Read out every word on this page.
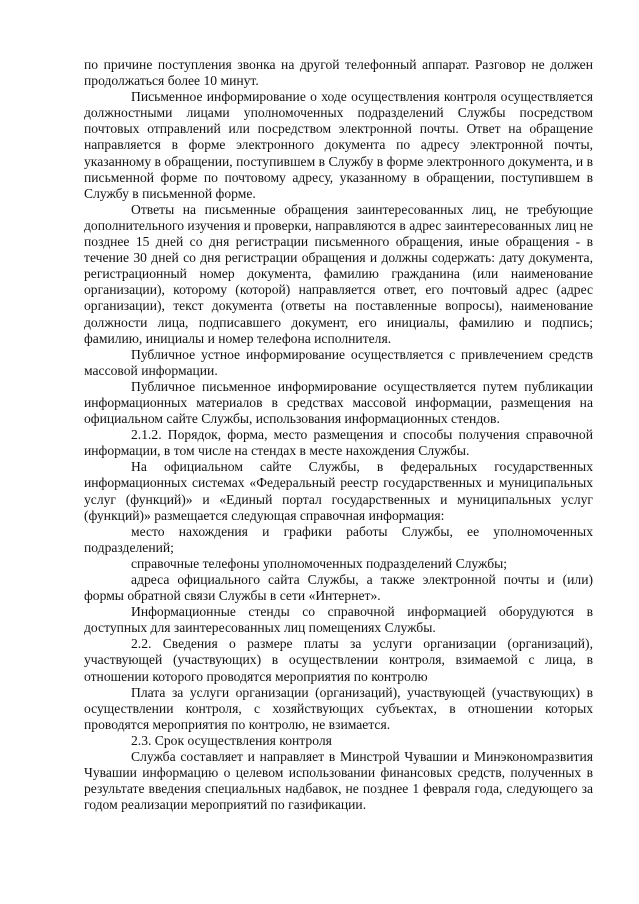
по причине поступления звонка на другой телефонный аппарат. Разговор не должен продолжаться более 10 минут.

Письменное информирование о ходе осуществления контроля осуществляется должностными лицами уполномоченных подразделений Службы посредством почтовых отправлений или посредством электронной почты. Ответ на обращение направляется в форме электронного документа по адресу электронной почты, указанному в обращении, поступившем в Службу в форме электронного документа, и в письменной форме по почтовому адресу, указанному в обращении, поступившем в Службу в письменной форме.

Ответы на письменные обращения заинтересованных лиц, не требующие дополнительного изучения и проверки, направляются в адрес заинтересованных лиц не позднее 15 дней со дня регистрации письменного обращения, иные обращения - в течение 30 дней со дня регистрации обращения и должны содержать: дату документа, регистрационный номер документа, фамилию гражданина (или наименование организации), которому (которой) направляется ответ, его почтовый адрес (адрес организации), текст документа (ответы на поставленные вопросы), наименование должности лица, подписавшего документ, его инициалы, фамилию и подпись; фамилию, инициалы и номер телефона исполнителя.

Публичное устное информирование осуществляется с привлечением средств массовой информации.

Публичное письменное информирование осуществляется путем публикации информационных материалов в средствах массовой информации, размещения на официальном сайте Службы, использования информационных стендов.

2.1.2. Порядок, форма, место размещения и способы получения справочной информации, в том числе на стендах в месте нахождения Службы.

На официальном сайте Службы, в федеральных государственных информационных системах «Федеральный реестр государственных и муниципальных услуг (функций)» и «Единый портал государственных и муниципальных услуг (функций)» размещается следующая справочная информация:

место нахождения и графики работы Службы, ее уполномоченных подразделений;

справочные телефоны уполномоченных подразделений Службы;

адреса официального сайта Службы, а также электронной почты и (или) формы обратной связи Службы в сети «Интернет».

Информационные стенды со справочной информацией оборудуются в доступных для заинтересованных лиц помещениях Службы.

2.2. Сведения о размере платы за услуги организации (организаций), участвующей (участвующих) в осуществлении контроля, взимаемой с лица, в отношении которого проводятся мероприятия по контролю

Плата за услуги организации (организаций), участвующей (участвующих) в осуществлении контроля, с хозяйствующих субъектах, в отношении которых проводятся мероприятия по контролю, не взимается.

2.3. Срок осуществления контроля

Служба составляет и направляет в Минстрой Чувашии и Минэкономразвития Чувашии информацию о целевом использовании финансовых средств, полученных в результате введения специальных надбавок, не позднее 1 февраля года, следующего за годом реализации мероприятий по газификации.
